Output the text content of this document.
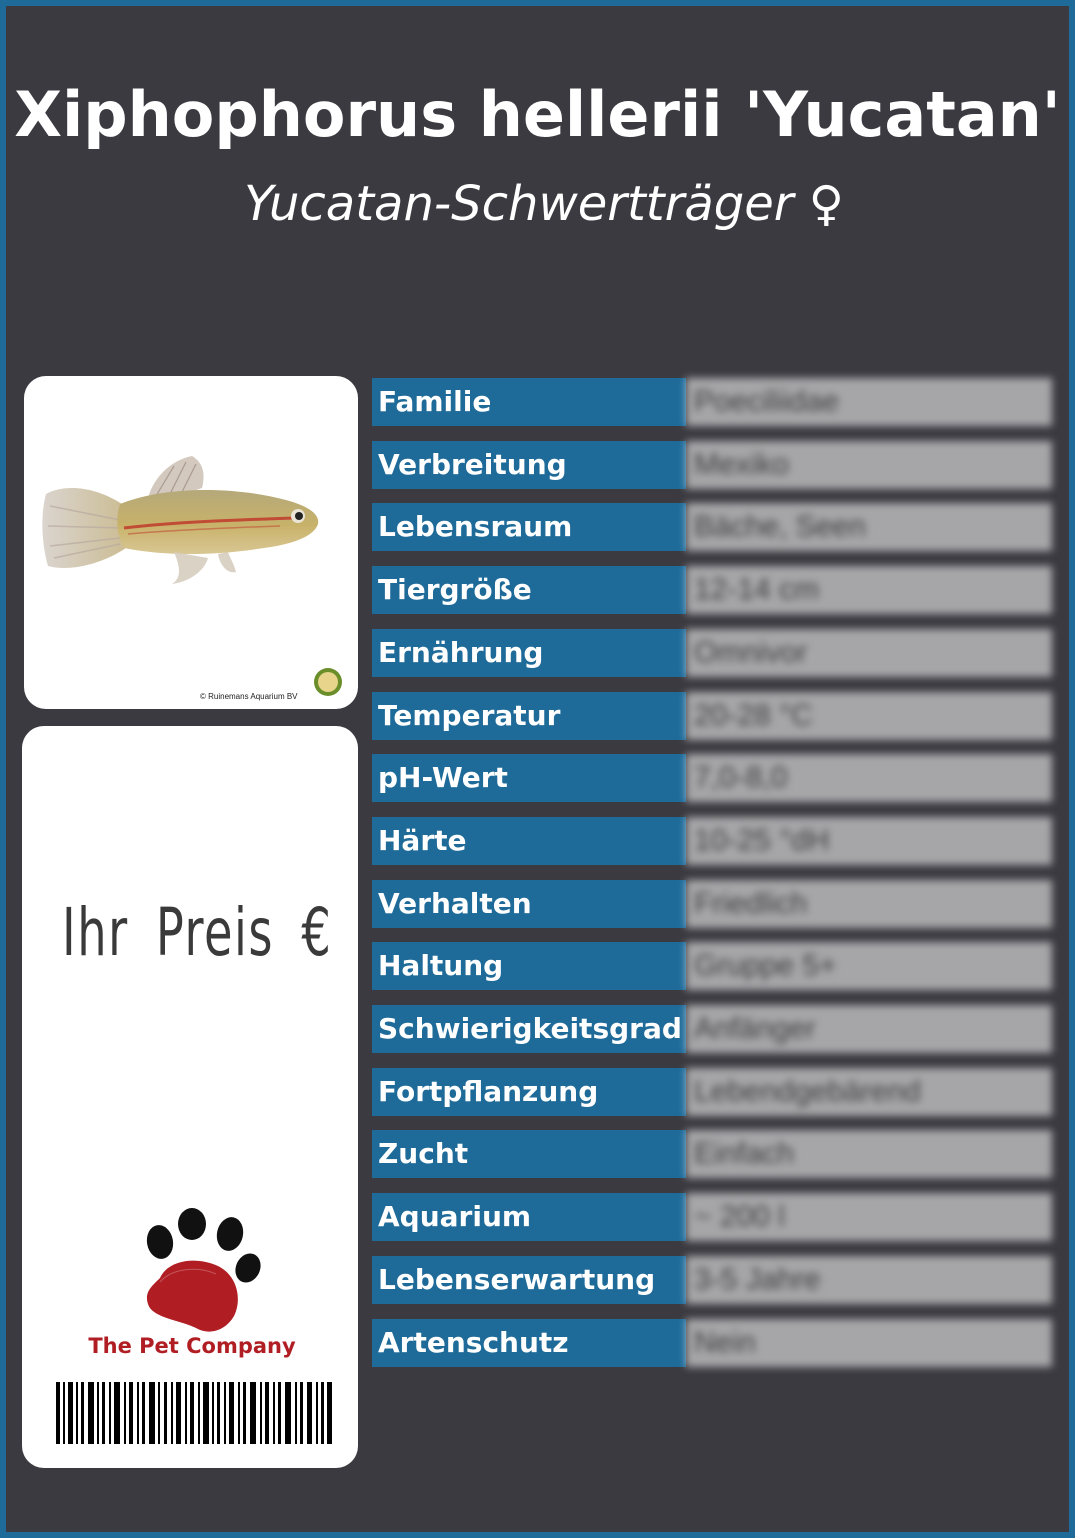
Xiphophorus hellerii 'Yucatan'
Yucatan-Schwertträger ♀
© Ruinemans Aquarium BV
Ihr Preis €
The Pet Company
Familie	Poeciliidae
Verbreitung	Mexiko
Lebensraum	Bäche, Seen
Tiergröße	12-14 cm
Ernährung	Omnivor
Temperatur	20-28 °C
pH-Wert	7,0-8,0
Härte	10-25 °dH
Verhalten	Friedlich
Haltung	Gruppe 5+
Schwierigkeitsgrad Anfänger
Fortpflanzung	Lebendgebärend
Zucht	Einfach
Aquarium	~ 200 l
Lebenserwartung	3-5 Jahre
Artenschutz	Nein
